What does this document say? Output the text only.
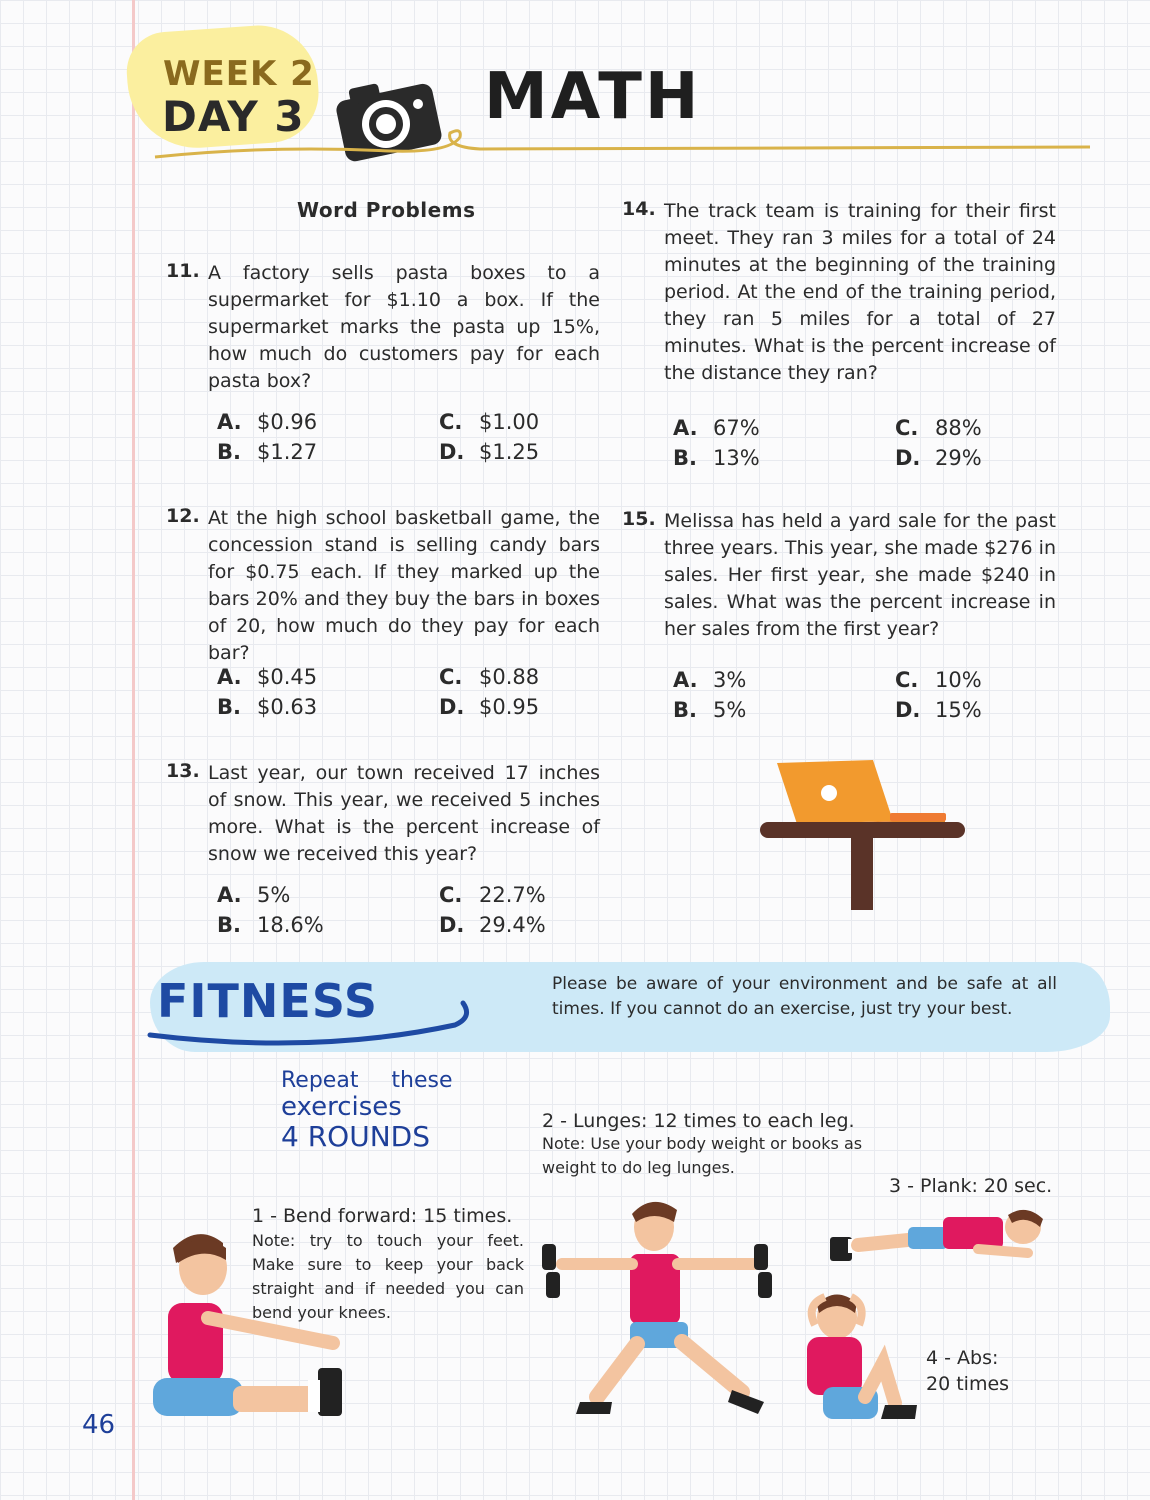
WEEK 2
DAY 3	MATH
Word Problems
11. A factory sells pasta boxes to a supermarket for $1.10 a box. If the supermarket marks the pasta up 15%, how much do customers pay for each pasta box?
A. $0.96	C. $1.00
B. $1.27	D. $1.25
12. At the high school basketball game, the concession stand is selling candy bars for $0.75 each. If they marked up the bars 20% and they buy the bars in boxes of 20, how much do they pay for each bar?
A. $0.45	C. $0.88
B. $0.63	D. $0.95
13. Last year, our town received 17 inches of snow. This year, we received 5 inches more. What is the percent increase of snow we received this year?
A. 5%	C. 22.7%
B. 18.6%	D. 29.4%
14. The track team is training for their first meet. They ran 3 miles for a total of 24 minutes at the beginning of the training period. At the end of the training period, they ran 5 miles for a total of 27 minutes. What is the percent increase of the distance they ran?
A. 67%	C. 88%
B. 13%	D. 29%
15. Melissa has held a yard sale for the past three years. This year, she made $276 in sales. Her first year, she made $240 in sales. What was the percent increase in her sales from the first year?
A. 3%	C. 10%
B. 5%	D. 15%
FITNESS	Please be aware of your environment and be safe at all times. If you cannot do an exercise, just try your best.
Repeat these
exercises
4 ROUNDS
1 - Bend forward: 15 times.
Note: try to touch your feet. Make sure to keep your back straight and if needed you can bend your knees.
2 - Lunges: 12 times to each leg.
Note: Use your body weight or books as weight to do leg lunges.
3 - Plank: 20 sec.
4 - Abs:
20 times
46
